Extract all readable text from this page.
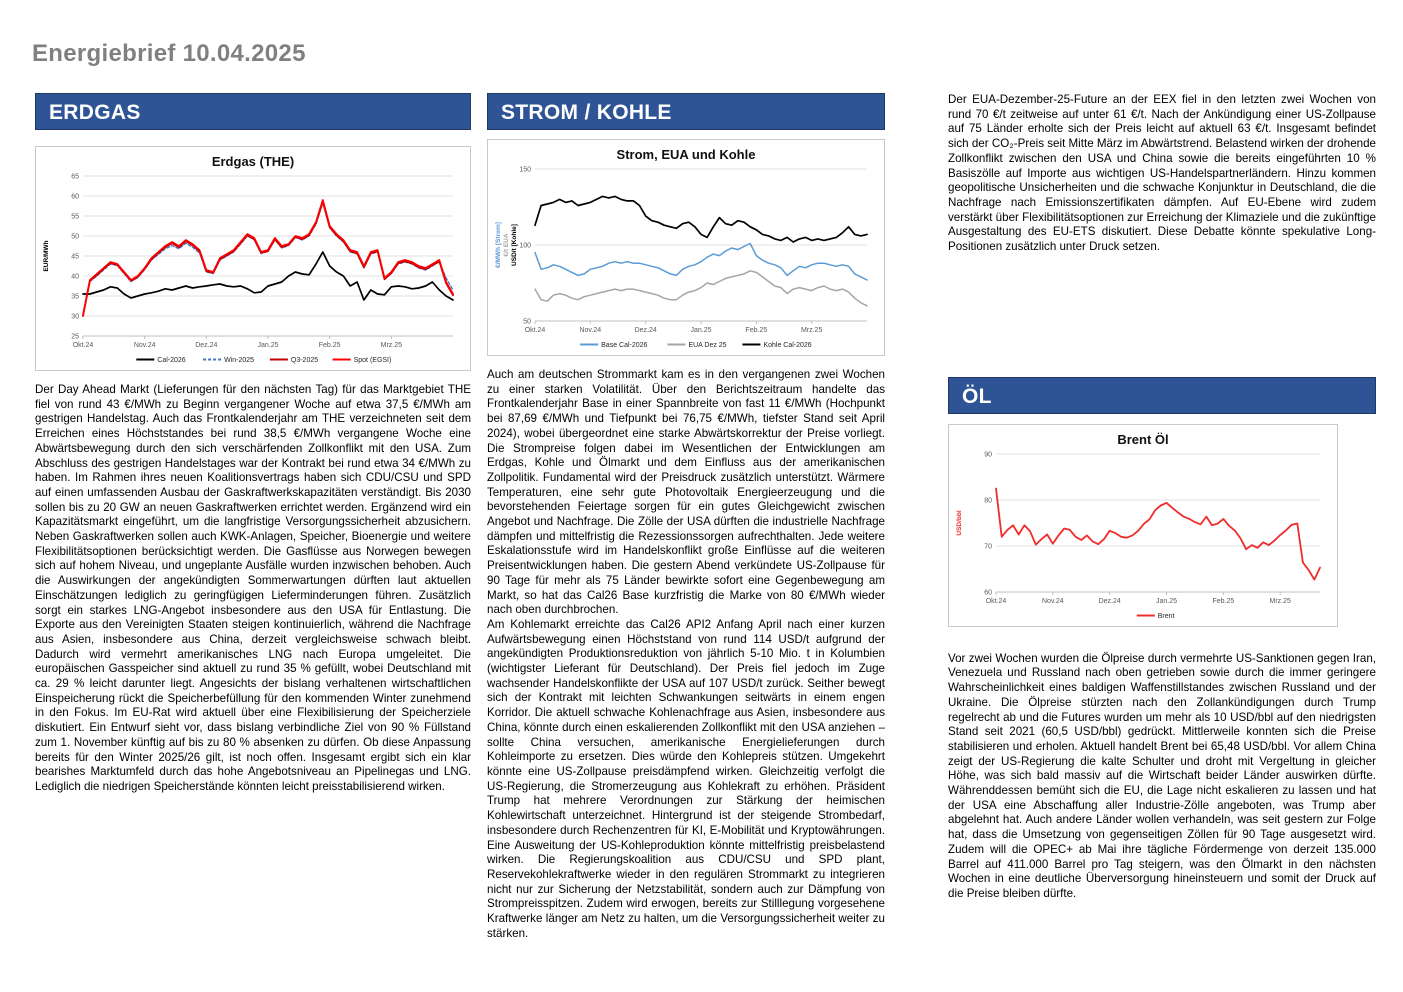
Energiebrief 10.04.2025
ERDGAS
Erdgas (THE)
25
30
35
40
45
50
55
60
65
Okt.24	Nov.24	Dez.24	Jan.25	Feb.25	Mrz.25
EUR/MWh
Cal-2026	Win-2025	Q3-2025	Spot (EGSI)

Der Day Ahead Markt (Lieferungen für den nächsten Tag) für das Marktgebiet THE fiel von rund 43 €/MWh zu Beginn vergangener Woche auf etwa 37,5 €/MWh am gestrigen Handelstag. Auch das Frontkalenderjahr am THE verzeichneten seit dem Erreichen eines Höchststandes bei rund 38,5 €/MWh vergangene Woche eine Abwärtsbewegung durch den sich verschärfenden Zollkonflikt mit den USA. Zum Abschluss des gestrigen Handelstages war der Kontrakt bei rund etwa 34 €/MWh zu haben. Im Rahmen ihres neuen Koalitionsvertrags haben sich CDU/CSU und SPD auf einen umfassenden Ausbau der Gaskraftwerkskapazitäten verständigt. Bis 2030 sollen bis zu 20 GW an neuen Gaskraftwerken errichtet werden. Ergänzend wird ein Kapazitätsmarkt eingeführt, um die langfristige Versorgungssicherheit abzusichern. Neben Gaskraftwerken sollen auch KWK-Anlagen, Speicher, Bioenergie und weitere Flexibilitätsoptionen berücksichtigt werden. Die Gasflüsse aus Norwegen bewegen sich auf hohem Niveau, und ungeplante Ausfälle wurden inzwischen behoben. Auch die Auswirkungen der angekündigten Sommerwartungen dürften laut aktuellen Einschätzungen lediglich zu geringfügigen Lieferminderungen führen. Zusätzlich sorgt ein starkes LNG-Angebot insbesondere aus den USA für Entlastung. Die Exporte aus den Vereinigten Staaten steigen kontinuierlich, während die Nachfrage aus Asien, insbesondere aus China, derzeit vergleichsweise schwach bleibt. Dadurch wird vermehrt amerikanisches LNG nach Europa umgeleitet. Die europäischen Gasspeicher sind aktuell zu rund 35 % gefüllt, wobei Deutschland mit ca. 29 % leicht darunter liegt. Angesichts der bislang verhaltenen wirtschaftlichen Einspeicherung rückt die Speicherbefüllung für den kommenden Winter zunehmend in den Fokus. Im EU-Rat wird aktuell über eine Flexibilisierung der Speicherziele diskutiert. Ein Entwurf sieht vor, dass bislang verbindliche Ziel von 90 % Füllstand zum 1. November künftig auf bis zu 80 % absenken zu dürfen. Ob diese Anpassung bereits für den Winter 2025/26 gilt, ist noch offen. Insgesamt ergibt sich ein klar bearishes Marktumfeld durch das hohe Angebotsniveau an Pipelinegas und LNG. Lediglich die niedrigen Speicherstände könnten leicht preisstabilisierend wirken.

STROM / KOHLE
Strom, EUA und Kohle
50
100
150
Okt.24	Nov.24	Dez.24	Jan.25	Feb.25	Mrz.25
€/MWh [Strom] €/t EUA USD/t [Kohle]
Base Cal-2026	EUA Dez 25	Kohle Cal-2026

Auch am deutschen Strommarkt kam es in den vergangenen zwei Wochen zu einer starken Volatilität. Über den Berichtszeitraum handelte das Frontkalenderjahr Base in einer Spannbreite von fast 11 €/MWh (Hochpunkt bei 87,69 €/MWh und Tiefpunkt bei 76,75 €/MWh, tiefster Stand seit April 2024), wobei übergeordnet eine starke Abwärtskorrektur der Preise vorliegt. Die Strompreise folgen dabei im Wesentlichen der Entwicklungen am Erdgas, Kohle und Ölmarkt und dem Einfluss aus der amerikanischen Zollpolitik. Fundamental wird der Preisdruck zusätzlich unterstützt. Wärmere Temperaturen, eine sehr gute Photovoltaik Energieerzeugung und die bevorstehenden Feiertage sorgen für ein gutes Gleichgewicht zwischen Angebot und Nachfrage. Die Zölle der USA dürften die industrielle Nachfrage dämpfen und mittelfristig die Rezessionssorgen aufrechthalten. Jede weitere Eskalationsstufe wird im Handelskonflikt große Einflüsse auf die weiteren Preisentwicklungen haben. Die gestern Abend verkündete US-Zollpause für 90 Tage für mehr als 75 Länder bewirkte sofort eine Gegenbewegung am Markt, so hat das Cal26 Base kurzfristig die Marke von 80 €/MWh wieder nach oben durchbrochen.

Am Kohlemarkt erreichte das Cal26 API2 Anfang April nach einer kurzen Aufwärtsbewegung einen Höchststand von rund 114 USD/t aufgrund der angekündigten Produktionsreduktion von jährlich 5-10 Mio. t in Kolumbien (wichtigster Lieferant für Deutschland). Der Preis fiel jedoch im Zuge wachsender Handelskonflikte der USA auf 107 USD/t zurück. Seither bewegt sich der Kontrakt mit leichten Schwankungen seitwärts in einem engen Korridor. Die aktuell schwache Kohlenachfrage aus Asien, insbesondere aus China, könnte durch einen eskalierenden Zollkonflikt mit den USA anziehen – sollte China versuchen, amerikanische Energielieferungen durch Kohleimporte zu ersetzen. Dies würde den Kohlepreis stützen. Umgekehrt könnte eine US-Zollpause preisdämpfend wirken. Gleichzeitig verfolgt die US-Regierung, die Stromerzeugung aus Kohlekraft zu erhöhen. Präsident Trump hat mehrere Verordnungen zur Stärkung der heimischen Kohlewirtschaft unterzeichnet. Hintergrund ist der steigende Strombedarf, insbesondere durch Rechenzentren für KI, E-Mobilität und Kryptowährungen. Eine Ausweitung der US-Kohleproduktion könnte mittelfristig preisbelastend wirken. Die Regierungskoalition aus CDU/CSU und SPD plant, Reservekohlekraftwerke wieder in den regulären Strommarkt zu integrieren nicht nur zur Sicherung der Netzstabilität, sondern auch zur Dämpfung von Strompreisspitzen. Zudem wird erwogen, bereits zur Stilllegung vorgesehene Kraftwerke länger am Netz zu halten, um die Versorgungssicherheit weiter zu stärken.

Der EUA-Dezember-25-Future an der EEX fiel in den letzten zwei Wochen von rund 70 €/t zeitweise auf unter 61 €/t. Nach der Ankündigung einer US-Zollpause auf 75 Länder erholte sich der Preis leicht auf aktuell 63 €/t. Insgesamt befindet sich der CO₂-Preis seit Mitte März im Abwärtstrend. Belastend wirken der drohende Zollkonflikt zwischen den USA und China sowie die bereits eingeführten 10 % Basiszölle auf Importe aus wichtigen US-Handelspartnerländern. Hinzu kommen geopolitische Unsicherheiten und die schwache Konjunktur in Deutschland, die die Nachfrage nach Emissionszertifikaten dämpfen. Auf EU-Ebene wird zudem verstärkt über Flexibilitätsoptionen zur Erreichung der Klimaziele und die zukünftige Ausgestaltung des EU-ETS diskutiert. Diese Debatte könnte spekulative Long-Positionen zusätzlich unter Druck setzen.

ÖL
Brent Öl
60
70
80
90
Okt.24	Nov.24	Dez.24	Jan.25	Feb.25	Mrz.25
USD/bbl
Brent

Vor zwei Wochen wurden die Ölpreise durch vermehrte US-Sanktionen gegen Iran, Venezuela und Russland nach oben getrieben sowie durch die immer geringere Wahrscheinlichkeit eines baldigen Waffenstillstandes zwischen Russland und der Ukraine. Die Ölpreise stürzten nach den Zollankündigungen durch Trump regelrecht ab und die Futures wurden um mehr als 10 USD/bbl auf den niedrigsten Stand seit 2021 (60,5 USD/bbl) gedrückt. Mittlerweile konnten sich die Preise stabilisieren und erholen. Aktuell handelt Brent bei 65,48 USD/bbl. Vor allem China zeigt der US-Regierung die kalte Schulter und droht mit Vergeltung in gleicher Höhe, was sich bald massiv auf die Wirtschaft beider Länder auswirken dürfte. Währenddessen bemüht sich die EU, die Lage nicht eskalieren zu lassen und hat der USA eine Abschaffung aller Industrie-Zölle angeboten, was Trump aber abgelehnt hat. Auch andere Länder wollen verhandeln, was seit gestern zur Folge hat, dass die Umsetzung von gegenseitigen Zöllen für 90 Tage ausgesetzt wird. Zudem will die OPEC+ ab Mai ihre tägliche Fördermenge von derzeit 135.000 Barrel auf 411.000 Barrel pro Tag steigern, was den Ölmarkt in den nächsten Wochen in eine deutliche Überversorgung hineinsteuern und somit der Druck auf die Preise bleiben dürfte.
